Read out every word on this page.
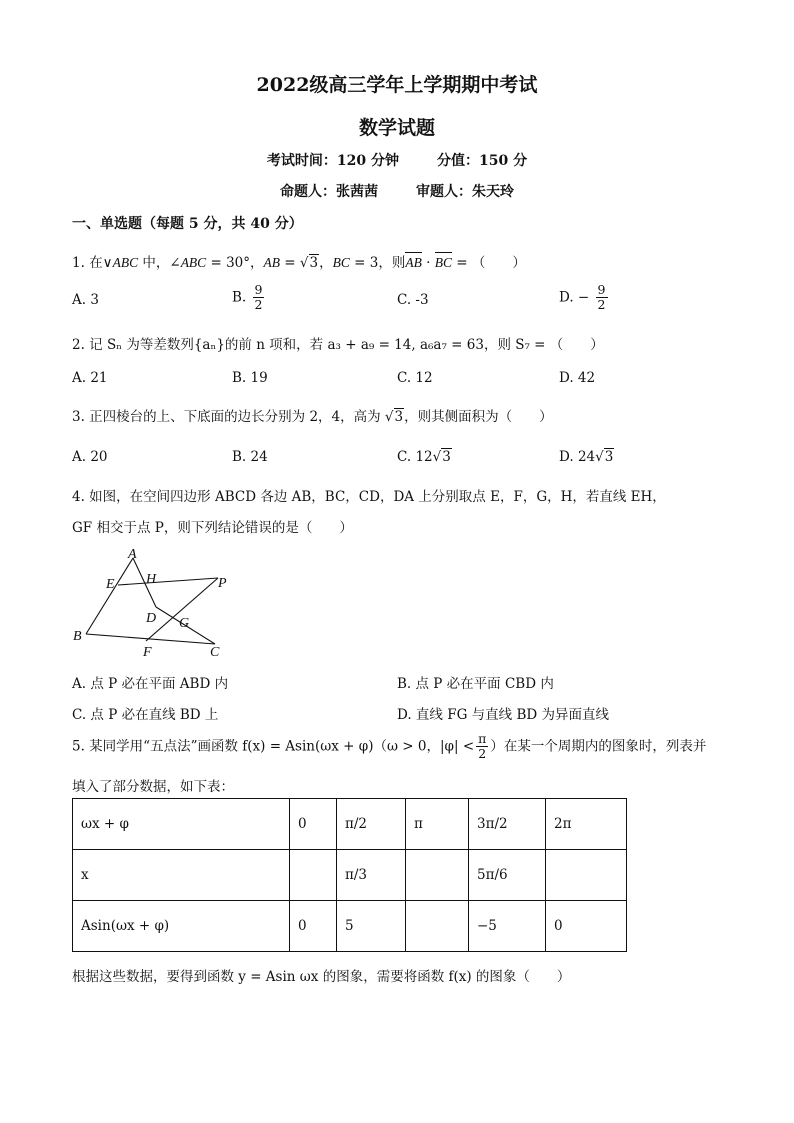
2022级高三学年上学期期中考试
数学试题
考试时间：120 分钟	分值：150 分
命题人：张茜茜	审题人：朱天玲
一、单选题（每题 5 分，共 40 分）
1. 在∨ABC 中，∠ABC = 30°，AB = √3，BC = 3，则AB · BC = （　　）
A. 3	B. $\frac{9}{2}$	C. -3	D. − $\frac{9}{2}$
2. 记 Sₙ 为等差数列{aₙ}的前 n 项和，若 a₃ + a₉ = 14, a₆a₇ = 63，则 S₇ = （　　）
A. 21	B. 19	C. 12	D. 42
3. 正四棱台的上、下底面的边长分别为 2，4，高为 √3，则其侧面积为（　　）
A. 20	B. 24	C. 12√3	D. 24√3
4. 如图，在空间四边形 ABCD 各边 AB，BC，CD，DA 上分别取点 E，F，G，H，若直线 EH，
GF 相交于点 P，则下列结论错误的是（　　）
A
E H	P
D G
B
F	C
A. 点 P 必在平面 ABD 内	B. 点 P 必在平面 CBD 内
C. 点 P 必在直线 BD 上	D. 直线 FG 与直线 BD 为异面直线
5. 某同学用“五点法”画函数 f(x) = Asin(ωx + φ)（ω > 0，$|\varphi| < \frac{\pi}{2}$ ）在某一个周期内的图象时，列表并
填入了部分数据，如下表：
ωx + φ	0	π/2	π	3π/2	2π
x		π/3		5π/6	
Asin(ωx + φ)	0	5		−5	0
根据这些数据，要得到函数 y = Asin ωx 的图象，需要将函数 f(x) 的图象（　　）
